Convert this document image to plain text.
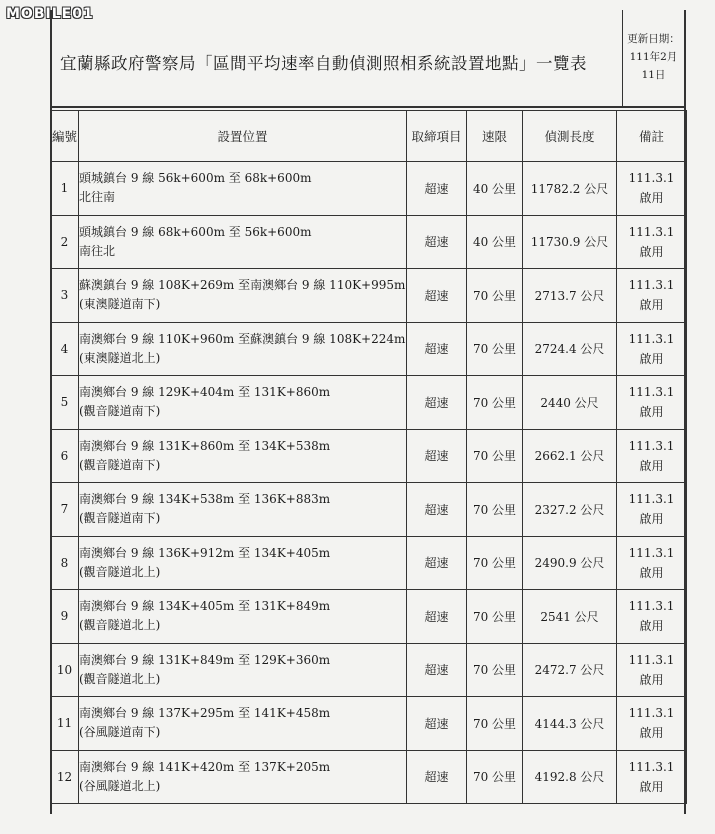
MOBILE01
宜蘭縣政府警察局「區間平均速率自動偵測照相系統設置地點」一覽表
更新日期：
111年2月
11日
編號	設置位置	取締項目	速限	偵測長度	備註
1	頭城鎮台 9 線 56k+600m 至 68k+600m
北往南	超速	40 公里	11782.2 公尺	111.3.1
啟用

2	頭城鎮台 9 線 68k+600m 至 56k+600m
南往北	超速	40 公里	11730.9 公尺	111.3.1
啟用

3	蘇澳鎮台 9 線 108K+269m 至南澳鄉台 9 線 110K+995m
(東澳隧道南下)	超速	70 公里	2713.7 公尺	111.3.1
啟用

4	南澳鄉台 9 線 110K+960m 至蘇澳鎮台 9 線 108K+224m
(東澳隧道北上)	超速	70 公里	2724.4 公尺	111.3.1
啟用

5	南澳鄉台 9 線 129K+404m 至 131K+860m
(觀音隧道南下)	超速	70 公里	2440 公尺	111.3.1
啟用

6	南澳鄉台 9 線 131K+860m 至 134K+538m
(觀音隧道南下)	超速	70 公里	2662.1 公尺	111.3.1
啟用

7	南澳鄉台 9 線 134K+538m 至 136K+883m
(觀音隧道南下)	超速	70 公里	2327.2 公尺	111.3.1
啟用

8	南澳鄉台 9 線 136K+912m 至 134K+405m
(觀音隧道北上)	超速	70 公里	2490.9 公尺	111.3.1
啟用

9	南澳鄉台 9 線 134K+405m 至 131K+849m
(觀音隧道北上)	超速	70 公里	2541 公尺	111.3.1
啟用

10	南澳鄉台 9 線 131K+849m 至 129K+360m
(觀音隧道北上)	超速	70 公里	2472.7 公尺	111.3.1
啟用

11	南澳鄉台 9 線 137K+295m 至 141K+458m
(谷風隧道南下)	超速	70 公里	4144.3 公尺	111.3.1
啟用

12	南澳鄉台 9 線 141K+420m 至 137K+205m
(谷風隧道北上)	超速	70 公里	4192.8 公尺	111.3.1
啟用
